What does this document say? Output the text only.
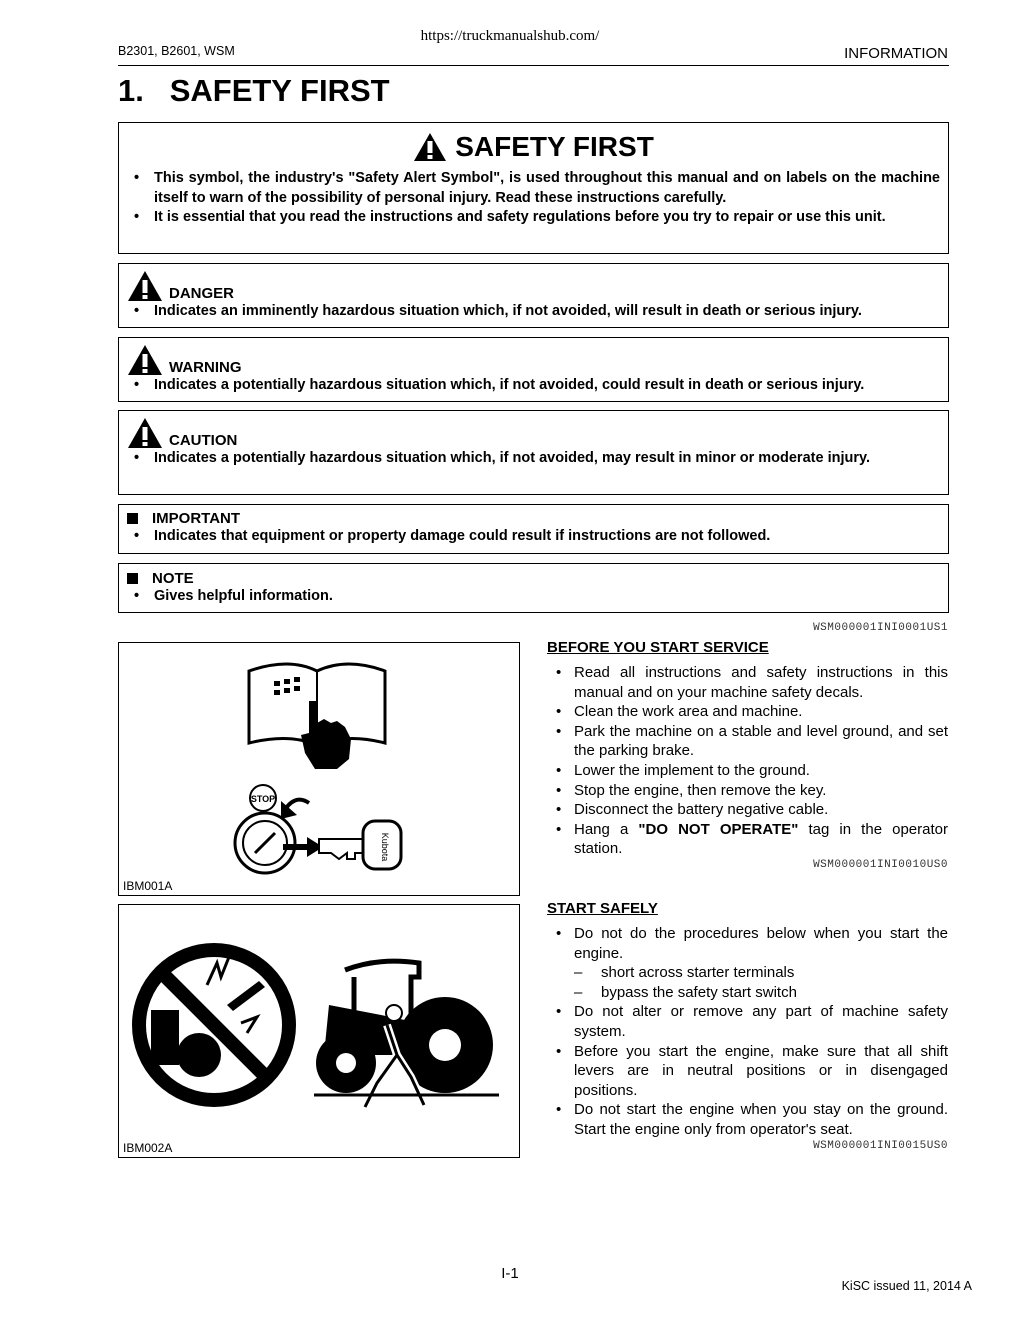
https://truckmanualshub.com/
B2301, B2601, WSM	INFORMATION
1.   SAFETY FIRST
SAFETY FIRST
• This symbol, the industry's "Safety Alert Symbol", is used throughout this manual and on labels on the machine itself to warn of the possibility of personal injury. Read these instructions carefully.
• It is essential that you read the instructions and safety regulations before you try to repair or use this unit.
DANGER
• Indicates an imminently hazardous situation which, if not avoided, will result in death or serious injury.
WARNING
• Indicates a potentially hazardous situation which, if not avoided, could result in death or serious injury.
CAUTION
• Indicates a potentially hazardous situation which, if not avoided, may result in minor or moderate injury.
IMPORTANT
• Indicates that equipment or property damage could result if instructions are not followed.
NOTE
• Gives helpful information.
WSM000001INI0001US1
STOP
Kubota
IBM001A
IBM002A
BEFORE YOU START SERVICE
• Read all instructions and safety instructions in this manual and on your machine safety decals.
• Clean the work area and machine.
• Park the machine on a stable and level ground, and set the parking brake.
• Lower the implement to the ground.
• Stop the engine, then remove the key.
• Disconnect the battery negative cable.
• Hang a "DO NOT OPERATE" tag in the operator station.
WSM000001INI0010US0
START SAFELY
• Do not do the procedures below when you start the engine.
– short across starter terminals
– bypass the safety start switch
• Do not alter or remove any part of machine safety system.
• Before you start the engine, make sure that all shift levers are in neutral positions or in disengaged positions.
• Do not start the engine when you stay on the ground. Start the engine only from operator's seat.
WSM000001INI0015US0
I-1
KiSC issued 11, 2014 A
